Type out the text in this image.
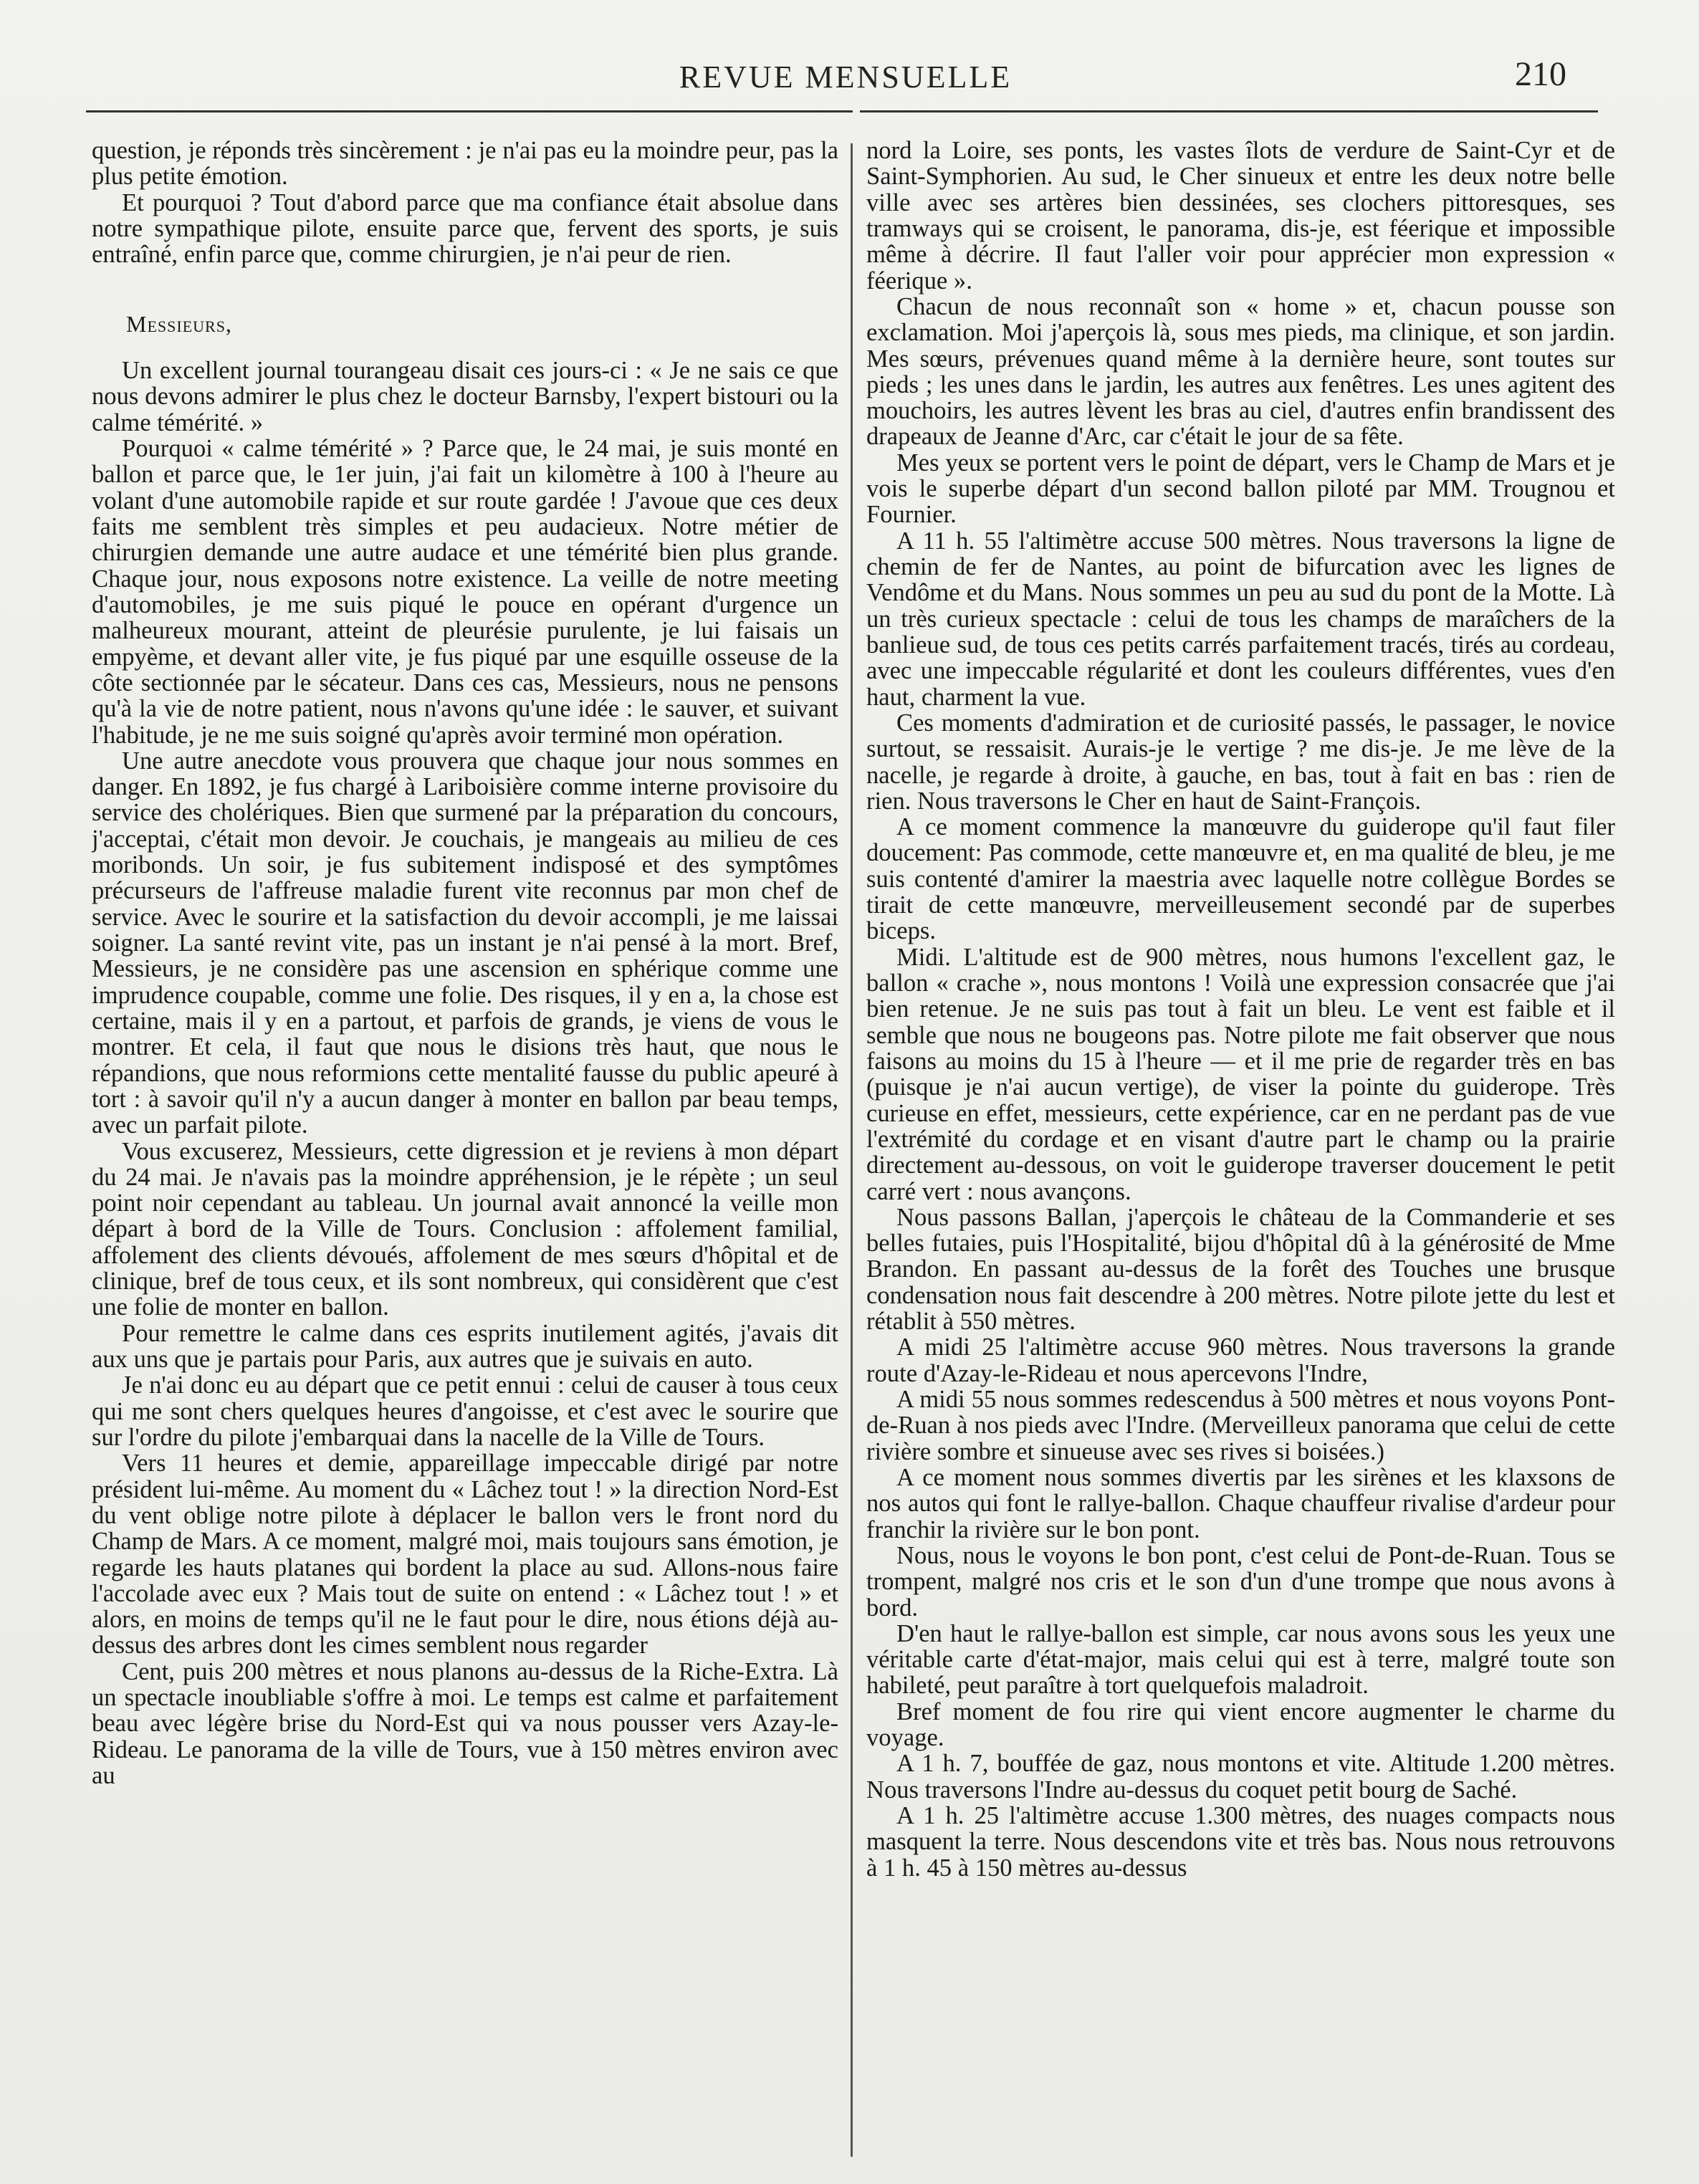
REVUE MENSUELLE	210

question, je réponds très sincèrement : je n'ai pas eu la moindre peur, pas la plus petite émotion.

Et pourquoi ? Tout d'abord parce que ma confiance était absolue dans notre sympathique pilote, ensuite parce que, fervent des sports, je suis entraîné, enfin parce que, comme chirurgien, je n'ai peur de rien.

Messieurs,

Un excellent journal tourangeau disait ces jours-ci : « Je ne sais ce que nous devons admirer le plus chez le docteur Barnsby, l'expert bistouri ou la calme témérité. »

Pourquoi « calme témérité » ? Parce que, le 24 mai, je suis monté en ballon et parce que, le 1er juin, j'ai fait un kilomètre à 100 à l'heure au volant d'une automobile rapide et sur route gardée ! J'avoue que ces deux faits me semblent très simples et peu audacieux. Notre métier de chirurgien demande une autre audace et une témérité bien plus grande. Chaque jour, nous exposons notre existence. La veille de notre meeting d'automobiles, je me suis piqué le pouce en opérant d'urgence un malheureux mourant, atteint de pleurésie purulente, je lui faisais un empyème, et devant aller vite, je fus piqué par une esquille osseuse de la côte sectionnée par le sécateur. Dans ces cas, Messieurs, nous ne pensons qu'à la vie de notre patient, nous n'avons qu'une idée : le sauver, et suivant l'habitude, je ne me suis soigné qu'après avoir terminé mon opération.

Une autre anecdote vous prouvera que chaque jour nous sommes en danger. En 1892, je fus chargé à Lariboisière comme interne provisoire du service des cholériques. Bien que surmené par la préparation du concours, j'acceptai, c'était mon devoir. Je couchais, je mangeais au milieu de ces moribonds. Un soir, je fus subitement indisposé et des symptômes précurseurs de l'affreuse maladie furent vite reconnus par mon chef de service. Avec le sourire et la satisfaction du devoir accompli, je me laissai soigner. La santé revint vite, pas un instant je n'ai pensé à la mort. Bref, Messieurs, je ne considère pas une ascension en sphérique comme une imprudence coupable, comme une folie. Des risques, il y en a, la chose est certaine, mais il y en a partout, et parfois de grands, je viens de vous le montrer. Et cela, il faut que nous le disions très haut, que nous le répandions, que nous reformions cette mentalité fausse du public apeuré à tort : à savoir qu'il n'y a aucun danger à monter en ballon par beau temps, avec un parfait pilote.

Vous excuserez, Messieurs, cette digression et je reviens à mon départ du 24 mai. Je n'avais pas la moindre appréhension, je le répète ; un seul point noir cependant au tableau. Un journal avait annoncé la veille mon départ à bord de la Ville de Tours. Conclusion : affolement familial, affolement des clients dévoués, affolement de mes sœurs d'hôpital et de clinique, bref de tous ceux, et ils sont nombreux, qui considèrent que c'est une folie de monter en ballon.

Pour remettre le calme dans ces esprits inutilement agités, j'avais dit aux uns que je partais pour Paris, aux autres que je suivais en auto.

Je n'ai donc eu au départ que ce petit ennui : celui de causer à tous ceux qui me sont chers quelques heures d'angoisse, et c'est avec le sourire que sur l'ordre du pilote j'embarquai dans la nacelle de la Ville de Tours.

Vers 11 heures et demie, appareillage impeccable dirigé par notre président lui-même. Au moment du « Lâchez tout ! » la direction Nord-Est du vent oblige notre pilote à déplacer le ballon vers le front nord du Champ de Mars. A ce moment, malgré moi, mais toujours sans émotion, je regarde les hauts platanes qui bordent la place au sud. Allons-nous faire l'accolade avec eux ? Mais tout de suite on entend : « Lâchez tout ! » et alors, en moins de temps qu'il ne le faut pour le dire, nous étions déjà au-dessus des arbres dont les cimes semblent nous regarder

Cent, puis 200 mètres et nous planons au-dessus de la Riche-Extra. Là un spectacle inoubliable s'offre à moi. Le temps est calme et parfaitement beau avec légère brise du Nord-Est qui va nous pousser vers Azay-le-Rideau. Le panorama de la ville de Tours, vue à 150 mètres environ avec au

nord la Loire, ses ponts, les vastes îlots de verdure de Saint-Cyr et de Saint-Symphorien. Au sud, le Cher sinueux et entre les deux notre belle ville avec ses artères bien dessinées, ses clochers pittoresques, ses tramways qui se croisent, le panorama, dis-je, est féerique et impossible même à décrire. Il faut l'aller voir pour apprécier mon expression « féerique ».

Chacun de nous reconnaît son « home » et, chacun pousse son exclamation. Moi j'aperçois là, sous mes pieds, ma clinique, et son jardin. Mes sœurs, prévenues quand même à la dernière heure, sont toutes sur pieds ; les unes dans le jardin, les autres aux fenêtres. Les unes agitent des mouchoirs, les autres lèvent les bras au ciel, d'autres enfin brandissent des drapeaux de Jeanne d'Arc, car c'était le jour de sa fête.

Mes yeux se portent vers le point de départ, vers le Champ de Mars et je vois le superbe départ d'un second ballon piloté par MM. Trougnou et Fournier.

A 11 h. 55 l'altimètre accuse 500 mètres. Nous traversons la ligne de chemin de fer de Nantes, au point de bifurcation avec les lignes de Vendôme et du Mans. Nous sommes un peu au sud du pont de la Motte. Là un très curieux spectacle : celui de tous les champs de maraîchers de la banlieue sud, de tous ces petits carrés parfaitement tracés, tirés au cordeau, avec une impeccable régularité et dont les couleurs différentes, vues d'en haut, charment la vue.

Ces moments d'admiration et de curiosité passés, le passager, le novice surtout, se ressaisit. Aurais-je le vertige ? me dis-je. Je me lève de la nacelle, je regarde à droite, à gauche, en bas, tout à fait en bas : rien de rien. Nous traversons le Cher en haut de Saint-François.

A ce moment commence la manœuvre du guiderope qu'il faut filer doucement: Pas commode, cette manœuvre et, en ma qualité de bleu, je me suis contenté d'amirer la maestria avec laquelle notre collègue Bordes se tirait de cette manœuvre, merveilleusement secondé par de superbes biceps.

Midi. L'altitude est de 900 mètres, nous humons l'excellent gaz, le ballon « crache », nous montons ! Voilà une expression consacrée que j'ai bien retenue. Je ne suis pas tout à fait un bleu. Le vent est faible et il semble que nous ne bougeons pas. Notre pilote me fait observer que nous faisons au moins du 15 à l'heure — et il me prie de regarder très en bas (puisque je n'ai aucun vertige), de viser la pointe du guiderope. Très curieuse en effet, messieurs, cette expérience, car en ne perdant pas de vue l'extrémité du cordage et en visant d'autre part le champ ou la prairie directement au-dessous, on voit le guiderope traverser doucement le petit carré vert : nous avançons.

Nous passons Ballan, j'aperçois le château de la Commanderie et ses belles futaies, puis l'Hospitalité, bijou d'hôpital dû à la générosité de Mme Brandon. En passant au-dessus de la forêt des Touches une brusque condensation nous fait descendre à 200 mètres. Notre pilote jette du lest et rétablit à 550 mètres.

A midi 25 l'altimètre accuse 960 mètres. Nous traversons la grande route d'Azay-le-Rideau et nous apercevons l'Indre,

A midi 55 nous sommes redescendus à 500 mètres et nous voyons Pont-de-Ruan à nos pieds avec l'Indre. (Merveilleux panorama que celui de cette rivière sombre et sinueuse avec ses rives si boisées.)

A ce moment nous sommes divertis par les sirènes et les klaxsons de nos autos qui font le rallye-ballon. Chaque chauffeur rivalise d'ardeur pour franchir la rivière sur le bon pont.

Nous, nous le voyons le bon pont, c'est celui de Pont-de-Ruan. Tous se trompent, malgré nos cris et le son d'un d'une trompe que nous avons à bord.

D'en haut le rallye-ballon est simple, car nous avons sous les yeux une véritable carte d'état-major, mais celui qui est à terre, malgré toute son habileté, peut paraître à tort quelquefois maladroit.

Bref moment de fou rire qui vient encore augmenter le charme du voyage.

A 1 h. 7, bouffée de gaz, nous montons et vite. Altitude 1.200 mètres. Nous traversons l'Indre au-dessus du coquet petit bourg de Saché.

A 1 h. 25 l'altimètre accuse 1.300 mètres, des nuages compacts nous masquent la terre. Nous descendons vite et très bas. Nous nous retrouvons à 1 h. 45 à 150 mètres au-dessus
